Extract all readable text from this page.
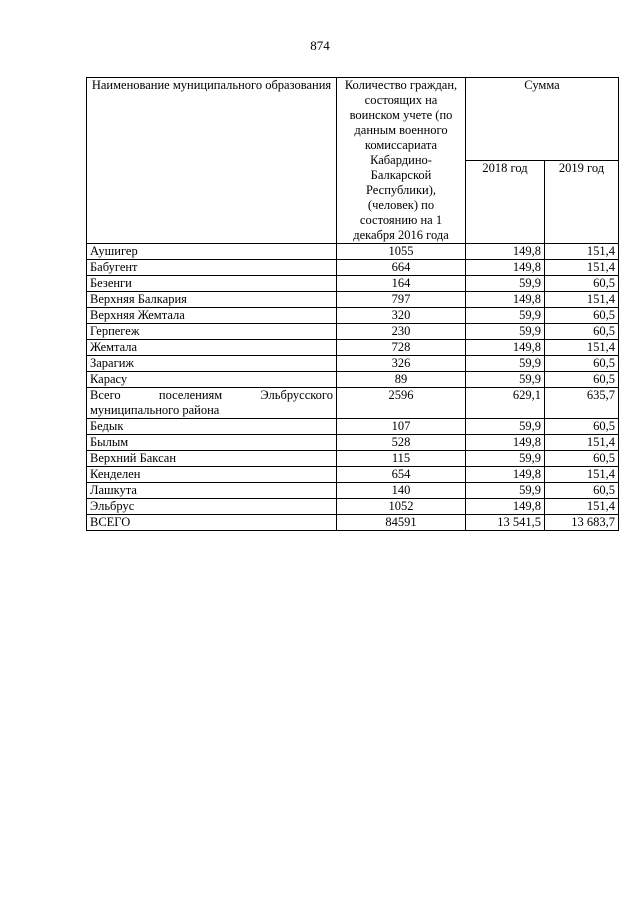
874
Наименование муниципального образования	Количество граждан, состоящих на воинском учете (по данным военного комиссариата Кабардино-Балкарской Республики), (человек) по состоянию на 1 декабря 2016 года	Сумма	
		2018 год	2019 год
Аушигер	1055	149,8	151,4
Бабугент	664	149,8	151,4
Безенги	164	59,9	60,5
Верхняя Балкария	797	149,8	151,4
Верхняя Жемтала	320	59,9	60,5
Герпегеж	230	59,9	60,5
Жемтала	728	149,8	151,4
Зарагиж	326	59,9	60,5
Карасу	89	59,9	60,5
Всего поселениям Эльбрусского муниципального района	2596	629,1	635,7
Бедык	107	59,9	60,5
Былым	528	149,8	151,4
Верхний Баксан	115	59,9	60,5
Кенделен	654	149,8	151,4
Лашкута	140	59,9	60,5
Эльбрус	1052	149,8	151,4
ВСЕГО	84591	13 541,5	13 683,7
